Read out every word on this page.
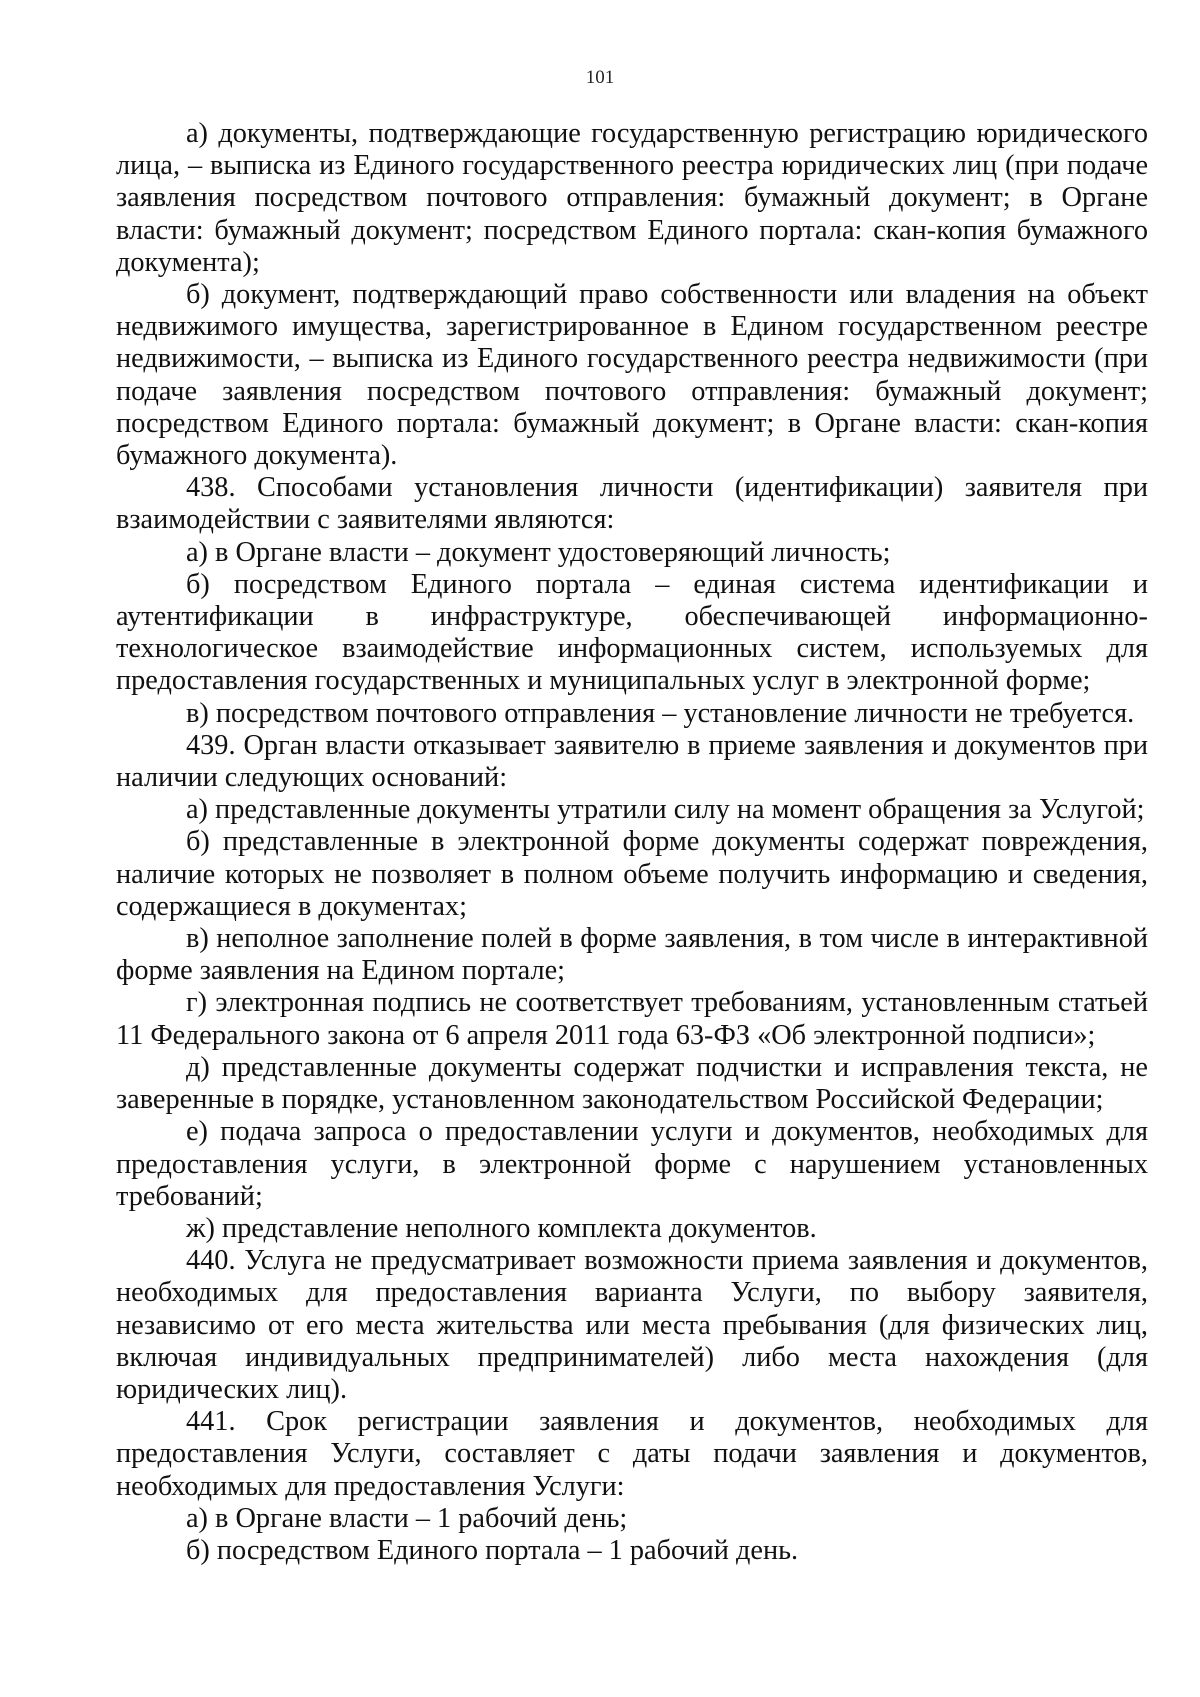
101

а) документы, подтверждающие государственную регистрацию юридического лица, – выписка из Единого государственного реестра юридических лиц (при подаче заявления посредством почтового отправления: бумажный документ; в Органе власти: бумажный документ; посредством Единого портала: скан-копия бумажного документа);

б) документ, подтверждающий право собственности или владения на объект недвижимого имущества, зарегистрированное в Едином государственном реестре недвижимости, – выписка из Единого государственного реестра недвижимости (при подаче заявления посредством почтового отправления: бумажный документ; посредством Единого портала: бумажный документ; в Органе власти: скан-копия бумажного документа).

438. Способами установления личности (идентификации) заявителя при взаимодействии с заявителями являются:

а) в Органе власти – документ удостоверяющий личность;

б) посредством Единого портала – единая система идентификации и аутентификации в инфраструктуре, обеспечивающей информационно-технологическое взаимодействие информационных систем, используемых для предоставления государственных и муниципальных услуг в электронной форме;

в) посредством почтового отправления – установление личности не требуется.

439. Орган власти отказывает заявителю в приеме заявления и документов при наличии следующих оснований:

а) представленные документы утратили силу на момент обращения за Услугой;

б) представленные в электронной форме документы содержат повреждения, наличие которых не позволяет в полном объеме получить информацию и сведения, содержащиеся в документах;

в) неполное заполнение полей в форме заявления, в том числе в интерактивной форме заявления на Едином портале;

г) электронная подпись не соответствует требованиям, установленным статьей 11 Федерального закона от 6 апреля 2011 года 63-ФЗ «Об электронной подписи»;

д) представленные документы содержат подчистки и исправления текста, не заверенные в порядке, установленном законодательством Российской Федерации;

е) подача запроса о предоставлении услуги и документов, необходимых для предоставления услуги, в электронной форме с нарушением установленных требований;

ж) представление неполного комплекта документов.

440. Услуга не предусматривает возможности приема заявления и документов, необходимых для предоставления варианта Услуги, по выбору заявителя, независимо от его места жительства или места пребывания (для физических лиц, включая индивидуальных предпринимателей) либо места нахождения (для юридических лиц).

441. Срок регистрации заявления и документов, необходимых для предоставления Услуги, составляет с даты подачи заявления и документов, необходимых для предоставления Услуги:

а) в Органе власти – 1 рабочий день;

б) посредством Единого портала – 1 рабочий день.
